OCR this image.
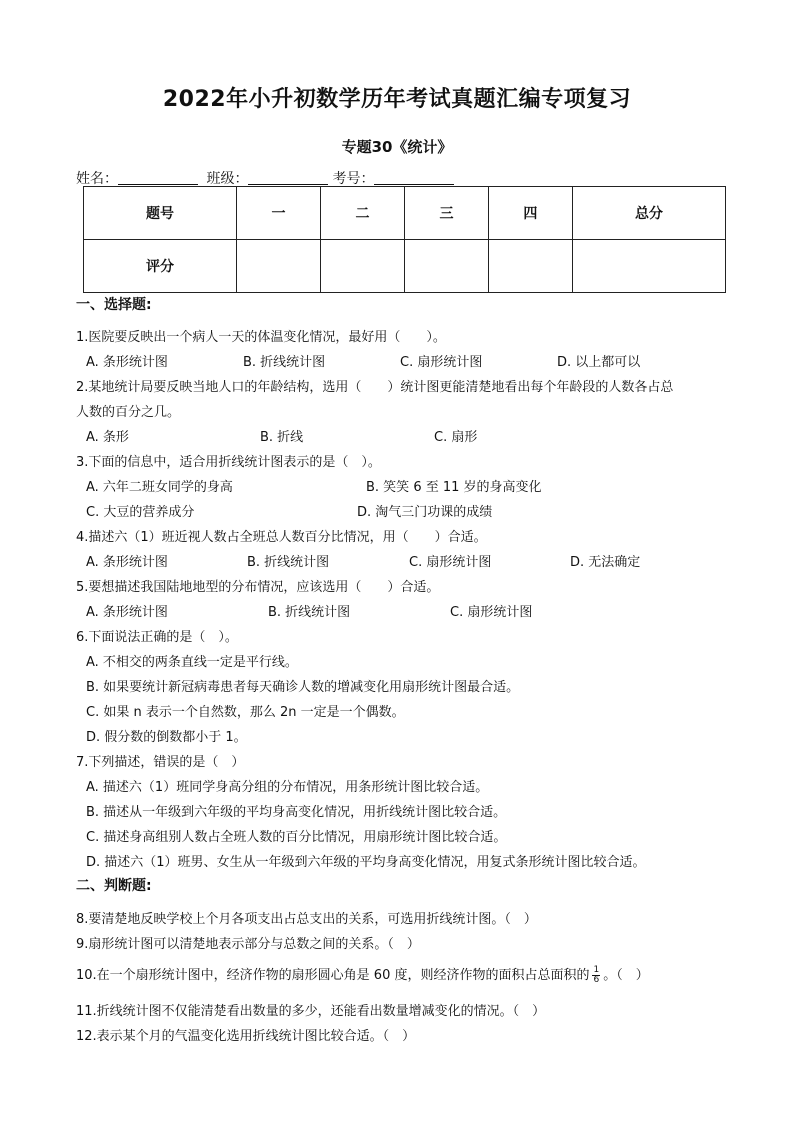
2022年小升初数学历年考试真题汇编专项复习
专题30《统计》
姓名：	班级：	考号：
题号	一	二	三	四	总分
评分					
一、选择题:
1.医院要反映出一个病人一天的体温变化情况，最好用（　　）。
A. 条形统计图	B. 折线统计图	C. 扇形统计图	D. 以上都可以
2.某地统计局要反映当地人口的年龄结构，选用（　　）统计图更能清楚地看出每个年龄段的人数各占总
人数的百分之几。
A. 条形	B. 折线	C. 扇形
3.下面的信息中，适合用折线统计图表示的是（　）。
A. 六年二班女同学的身高	B. 笑笑 6 至 11 岁的身高变化
C. 大豆的营养成分	D. 淘气三门功课的成绩
4.描述六（1）班近视人数占全班总人数百分比情况，用（　　）合适。
A. 条形统计图	B. 折线统计图	C. 扇形统计图	D. 无法确定
5.要想描述我国陆地地型的分布情况，应该选用（　　）合适。
A. 条形统计图	B. 折线统计图	C. 扇形统计图
6.下面说法正确的是（　）。
A. 不相交的两条直线一定是平行线。
B. 如果要统计新冠病毒患者每天确诊人数的增减变化用扇形统计图最合适。
C. 如果 n 表示一个自然数，那么 2n 一定是一个偶数。
D. 假分数的倒数都小于 1。
7.下列描述，错误的是（　）
A. 描述六（1）班同学身高分组的分布情况，用条形统计图比较合适。
B. 描述从一年级到六年级的平均身高变化情况，用折线统计图比较合适。
C. 描述身高组别人数占全班人数的百分比情况，用扇形统计图比较合适。
D. 描述六（1）班男、女生从一年级到六年级的平均身高变化情况，用复式条形统计图比较合适。
二、判断题:
8.要清楚地反映学校上个月各项支出占总支出的关系，可选用折线统计图。（　）
9.扇形统计图可以清楚地表示部分与总数之间的关系。（　）
10.在一个扇形统计图中，经济作物的扇形圆心角是 60 度，则经济作物的面积占总面积的 $\frac{1}{6}$ 。（　）
11.折线统计图不仅能清楚看出数量的多少，还能看出数量增减变化的情况。（　）
12.表示某个月的气温变化选用折线统计图比较合适。（　）
